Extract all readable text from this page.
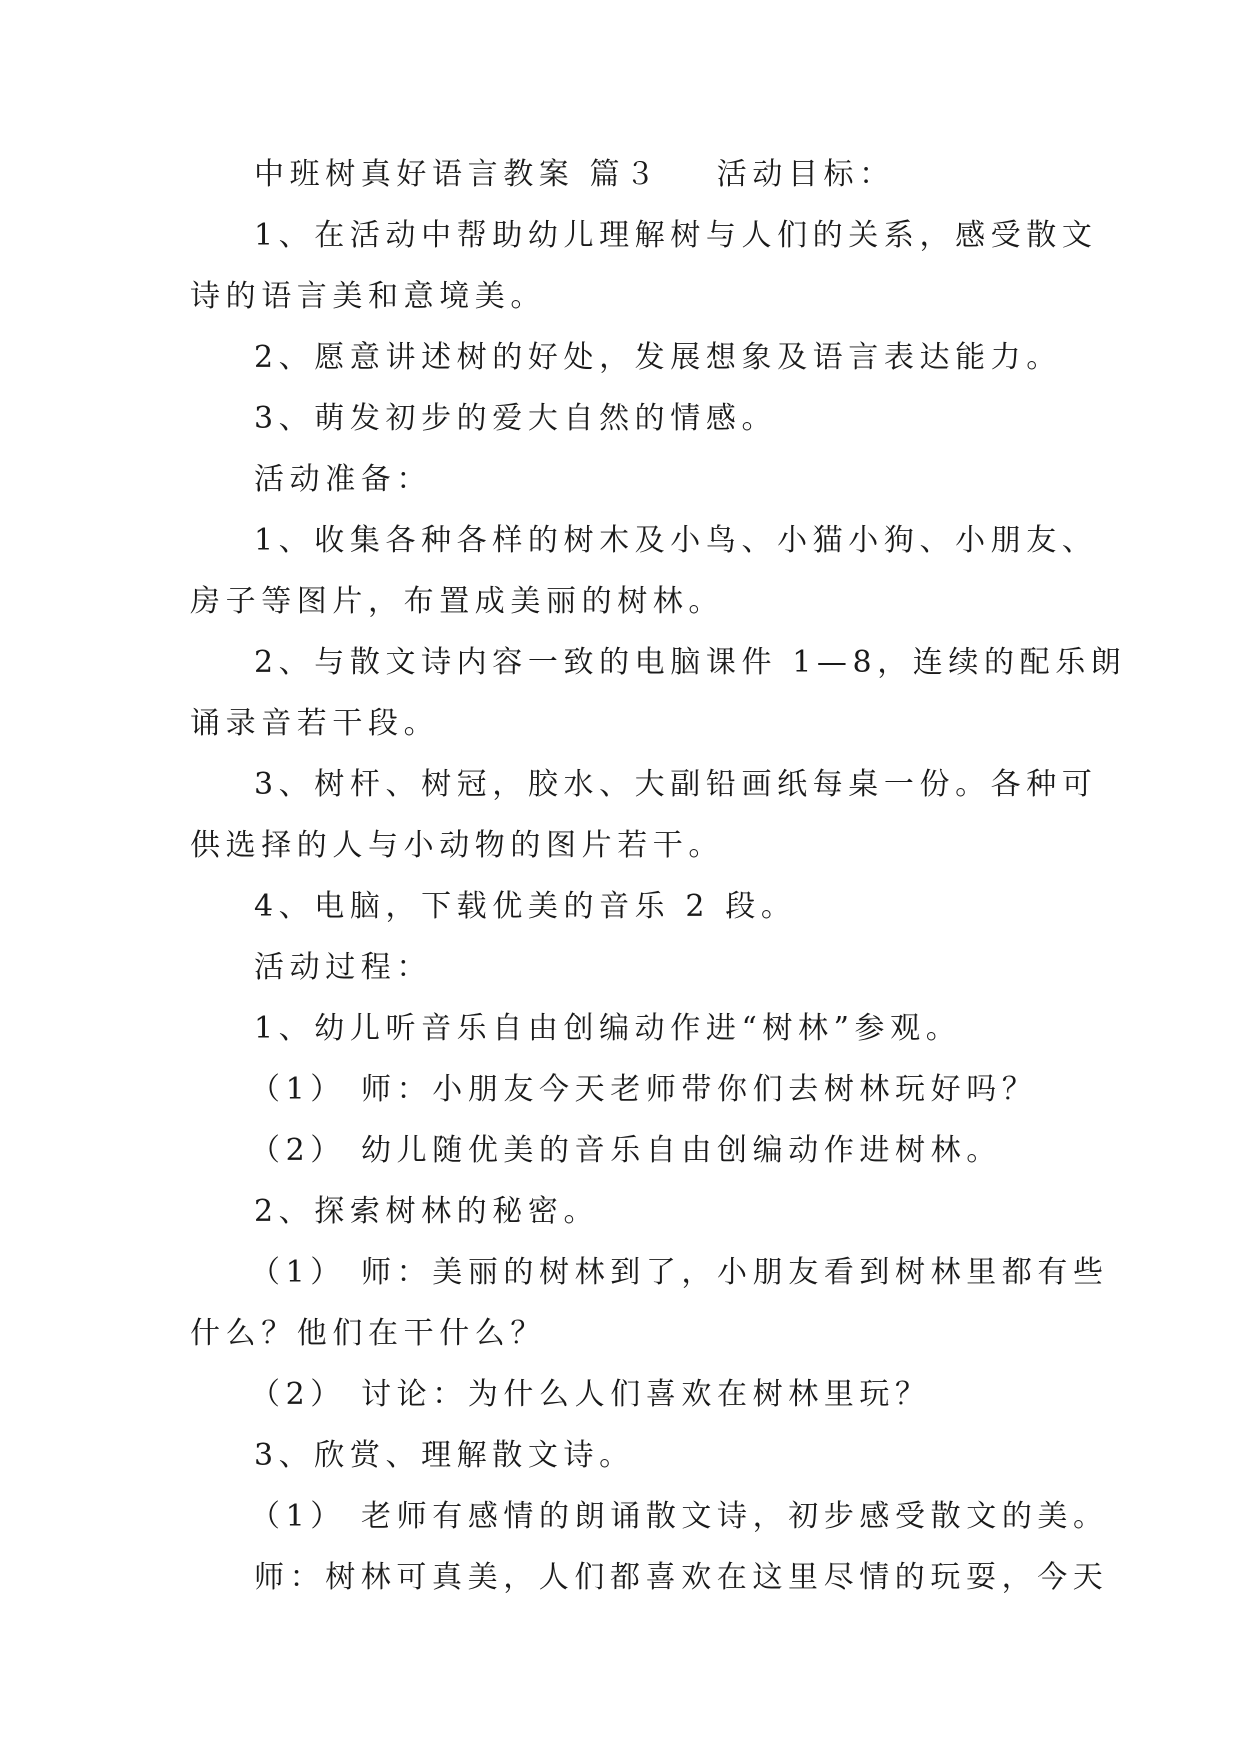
中班树真好语言教案 篇３ 活动目标：
1、在活动中帮助幼儿理解树与人们的关系，感受散文
诗的语言美和意境美。
2、愿意讲述树的好处，发展想象及语言表达能力。
3、萌发初步的爱大自然的情感。
活动准备：
1、收集各种各样的树木及小鸟、小猫小狗、小朋友、
房子等图片，布置成美丽的树林。
2、与散文诗内容一致的电脑课件 1—8，连续的配乐朗
诵录音若干段。
3、树杆、树冠，胶水、大副铅画纸每桌一份。各种可
供选择的人与小动物的图片若干。
4、电脑，下载优美的音乐 2 段。
活动过程：
1、幼儿听音乐自由创编动作进“树林”参观。
（1） 师：小朋友今天老师带你们去树林玩好吗？
（2） 幼儿随优美的音乐自由创编动作进树林。
2、探索树林的秘密。
（1） 师：美丽的树林到了，小朋友看到树林里都有些
什么？他们在干什么？
（2） 讨论：为什么人们喜欢在树林里玩？
3、欣赏、理解散文诗。
（1） 老师有感情的朗诵散文诗，初步感受散文的美。
师：树林可真美，人们都喜欢在这里尽情的玩耍，今天
